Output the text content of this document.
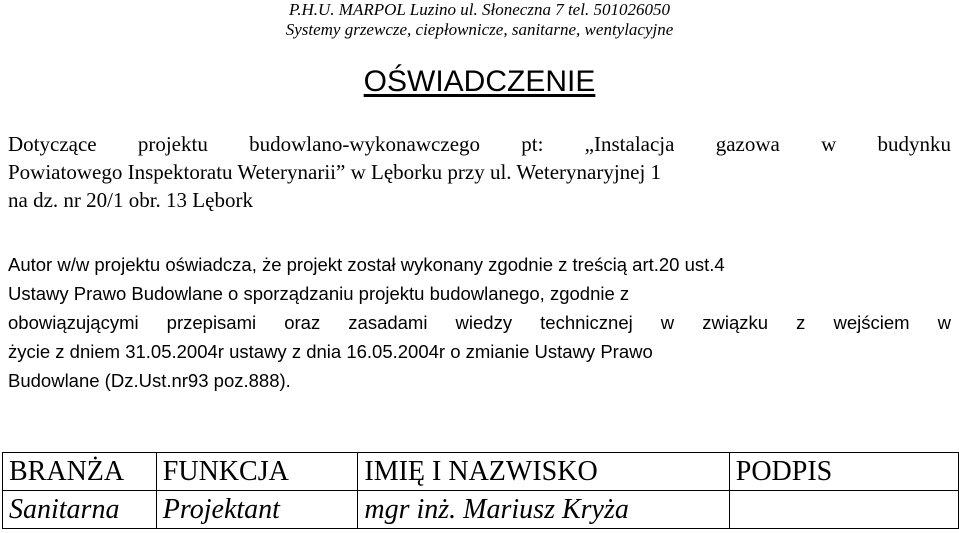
P.H.U. MARPOL Luzino ul. Słoneczna 7 tel. 501026050
Systemy grzewcze, ciepłownicze, sanitarne, wentylacyjne
OŚWIADCZENIE
Dotyczące projektu budowlano-wykonawczego pt: „Instalacja gazowa w budynku
Powiatowego Inspektoratu Weterynarii” w Lęborku przy ul. Weterynaryjnej 1
na dz. nr 20/1 obr. 13 Lębork
Autor w/w projektu oświadcza, że projekt został wykonany zgodnie z treścią art.20 ust.4
Ustawy Prawo Budowlane o sporządzaniu projektu budowlanego, zgodnie z
obowiązującymi przepisami oraz zasadami wiedzy technicznej w związku z wejściem w
życie z dniem 31.05.2004r ustawy z dnia 16.05.2004r o zmianie Ustawy Prawo
Budowlane (Dz.Ust.nr93 poz.888).
BRANŻA	FUNKCJA	IMIĘ I NAZWISKO	PODPIS
Sanitarna	Projektant	mgr inż. Mariusz Kryża	
